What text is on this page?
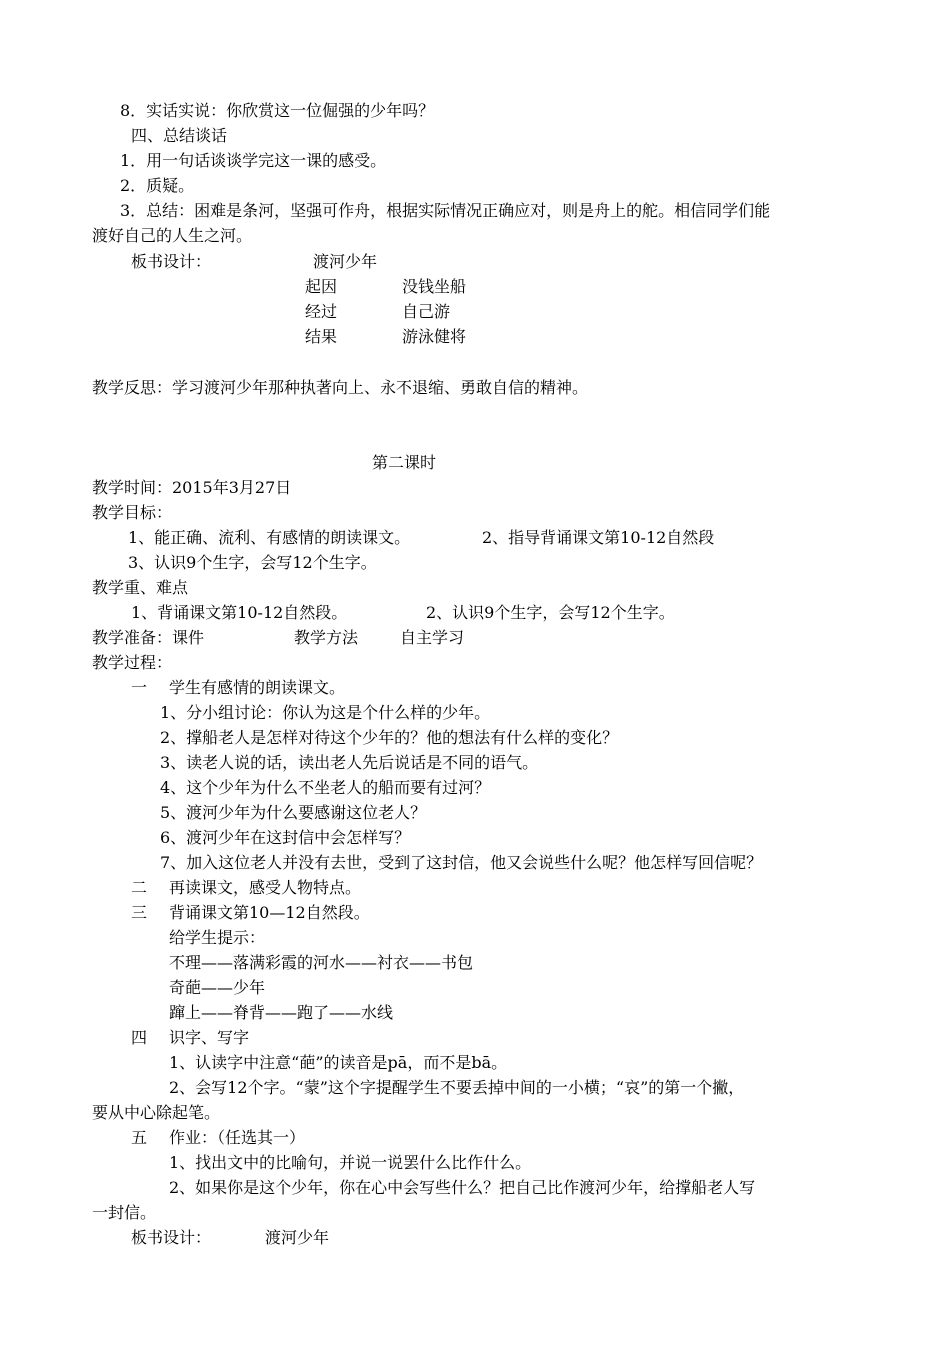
8．实话实说：你欣赏这一位倔强的少年吗？
四、总结谈话
1．用一句话谈谈学完这一课的感受。
2．质疑。
3．总结：困难是条河，坚强可作舟，根据实际情况正确应对，则是舟上的舵。相信同学们能
渡好自己的人生之河。
板书设计：	渡河少年
起因	没钱坐船
经过	自己游
结果	游泳健将
教学反思：学习渡河少年那种执著向上、永不退缩、勇敢自信的精神。
第二课时
教学时间：2015年3月27日
教学目标：
1、能正确、流利、有感情的朗读课文。	2、指导背诵课文第10-12自然段
3、认识9个生字，会写12个生字。
教学重、难点
1、背诵课文第10-12自然段。	2、认识9个生字，会写12个生字。
教学准备：课件	教学方法	自主学习
教学过程：
一 学生有感情的朗读课文。
1、分小组讨论：你认为这是个什么样的少年。
2、撑船老人是怎样对待这个少年的？他的想法有什么样的变化？
3、读老人说的话，读出老人先后说话是不同的语气。
4、这个少年为什么不坐老人的船而要有过河？
5、渡河少年为什么要感谢这位老人？
6、渡河少年在这封信中会怎样写？
7、加入这位老人并没有去世，受到了这封信，他又会说些什么呢？他怎样写回信呢？
二 再读课文，感受人物特点。
三 背诵课文第10—12自然段。
给学生提示：
不理——落满彩霞的河水——衬衣——书包
奇葩——少年
蹿上——脊背——跑了——水线
四 识字、写字
1、认读字中注意“葩”的读音是pā，而不是bā。
2、会写12个字。“蒙”这个字提醒学生不要丢掉中间的一小横；“哀”的第一个撇，
要从中心除起笔。
五 作业：（任选其一）
1、找出文中的比喻句，并说一说罢什么比作什么。
2、如果你是这个少年，你在心中会写些什么？把自己比作渡河少年，给撑船老人写
一封信。
板书设计：	渡河少年
